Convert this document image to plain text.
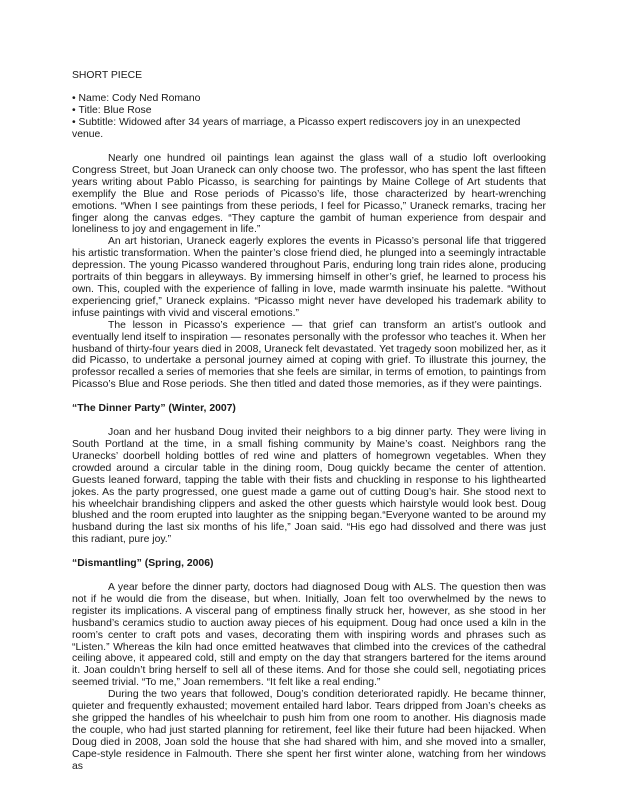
SHORT PIECE
• Name: Cody Ned Romano
• Title: Blue Rose
• Subtitle: Widowed after 34 years of marriage, a Picasso expert rediscovers joy in an unexpected venue.

Nearly one hundred oil paintings lean against the glass wall of a studio loft overlooking Congress Street, but Joan Uraneck can only choose two. The professor, who has spent the last fifteen years writing about Pablo Picasso, is searching for paintings by Maine College of Art students that exemplify the Blue and Rose periods of Picasso’s life, those characterized by heart-wrenching emotions. “When I see paintings from these periods, I feel for Picasso,” Uraneck remarks, tracing her finger along the canvas edges. “They capture the gambit of human experience from despair and loneliness to joy and engagement in life.”

An art historian, Uraneck eagerly explores the events in Picasso’s personal life that triggered his artistic transformation. When the painter’s close friend died, he plunged into a seemingly intractable depression. The young Picasso wandered throughout Paris, enduring long train rides alone, producing portraits of thin beggars in alleyways. By immersing himself in other’s grief, he learned to process his own. This, coupled with the experience of falling in love, made warmth insinuate his palette. “Without experiencing grief,” Uraneck explains. “Picasso might never have developed his trademark ability to infuse paintings with vivid and visceral emotions.”

The lesson in Picasso’s experience — that grief can transform an artist’s outlook and eventually lend itself to inspiration — resonates personally with the professor who teaches it. When her husband of thirty-four years died in 2008, Uraneck felt devastated. Yet tragedy soon mobilized her, as it did Picasso, to undertake a personal journey aimed at coping with grief. To illustrate this journey, the professor recalled a series of memories that she feels are similar, in terms of emotion, to paintings from Picasso’s Blue and Rose periods. She then titled and dated those memories, as if they were paintings.

“The Dinner Party” (Winter, 2007)

Joan and her husband Doug invited their neighbors to a big dinner party. They were living in South Portland at the time, in a small fishing community by Maine’s coast. Neighbors rang the Uranecks’ doorbell holding bottles of red wine and platters of homegrown vegetables. When they crowded around a circular table in the dining room, Doug quickly became the center of attention. Guests leaned forward, tapping the table with their fists and chuckling in response to his lighthearted jokes. As the party progressed, one guest made a game out of cutting Doug’s hair. She stood next to his wheelchair brandishing clippers and asked the other guests which hairstyle would look best. Doug blushed and the room erupted into laughter as the snipping began.“Everyone wanted to be around my husband during the last six months of his life,” Joan said. “His ego had dissolved and there was just this radiant, pure joy.”

“Dismantling” (Spring, 2006)

A year before the dinner party, doctors had diagnosed Doug with ALS. The question then was not if he would die from the disease, but when. Initially, Joan felt too overwhelmed by the news to register its implications. A visceral pang of emptiness finally struck her, however, as she stood in her husband’s ceramics studio to auction away pieces of his equipment. Doug had once used a kiln in the room’s center to craft pots and vases, decorating them with inspiring words and phrases such as “Listen.” Whereas the kiln had once emitted heatwaves that climbed into the crevices of the cathedral ceiling above, it appeared cold, still and empty on the day that strangers bartered for the items around it. Joan couldn’t bring herself to sell all of these items. And for those she could sell, negotiating prices seemed trivial. “To me,” Joan remembers. “It felt like a real ending.”

During the two years that followed, Doug’s condition deteriorated rapidly. He became thinner, quieter and frequently exhausted; movement entailed hard labor. Tears dripped from Joan’s cheeks as she gripped the handles of his wheelchair to push him from one room to another. His diagnosis made the couple, who had just started planning for retirement, feel like their future had been hijacked. When Doug died in 2008, Joan sold the house that she had shared with him, and she moved into a smaller, Cape-style residence in Falmouth. There she spent her first winter alone, watching from her windows as
